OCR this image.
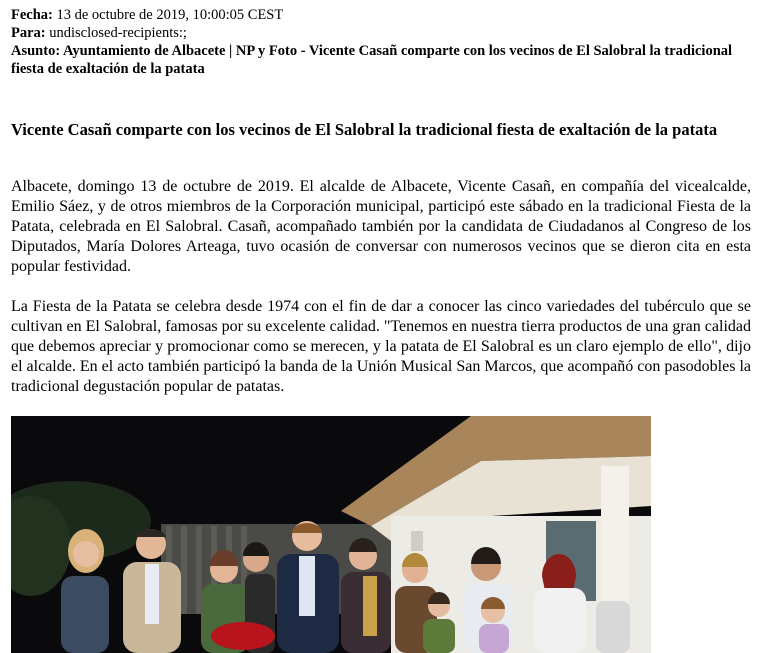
Fecha: 13 de octubre de 2019, 10:00:05 CEST
Para: undisclosed-recipients:;
Asunto: Ayuntamiento de Albacete | NP y Foto - Vicente Casañ comparte con los vecinos de El Salobral la tradicional fiesta de exaltación de la patata
Vicente Casañ comparte con los vecinos de El Salobral la tradicional fiesta de exaltación de la patata
Albacete, domingo 13 de octubre de 2019. El alcalde de Albacete, Vicente Casañ, en compañía del vicealcalde, Emilio Sáez, y de otros miembros de la Corporación municipal, participó este sábado en la tradicional Fiesta de la Patata, celebrada en El Salobral. Casañ, acompañado también por la candidata de Ciudadanos al Congreso de los Diputados, María Dolores Arteaga, tuvo ocasión de conversar con numerosos vecinos que se dieron cita en esta popular festividad.
La Fiesta de la Patata se celebra desde 1974 con el fin de dar a conocer las cinco variedades del tubérculo que se cultivan en El Salobral, famosas por su excelente calidad. "Tenemos en nuestra tierra productos de una gran calidad que debemos apreciar y promocionar como se merecen, y la patata de El Salobral es un claro ejemplo de ello", dijo el alcalde. En el acto también participó la banda de la Unión Musical San Marcos, que acompañó con pasodobles la tradicional degustación popular de patatas.
